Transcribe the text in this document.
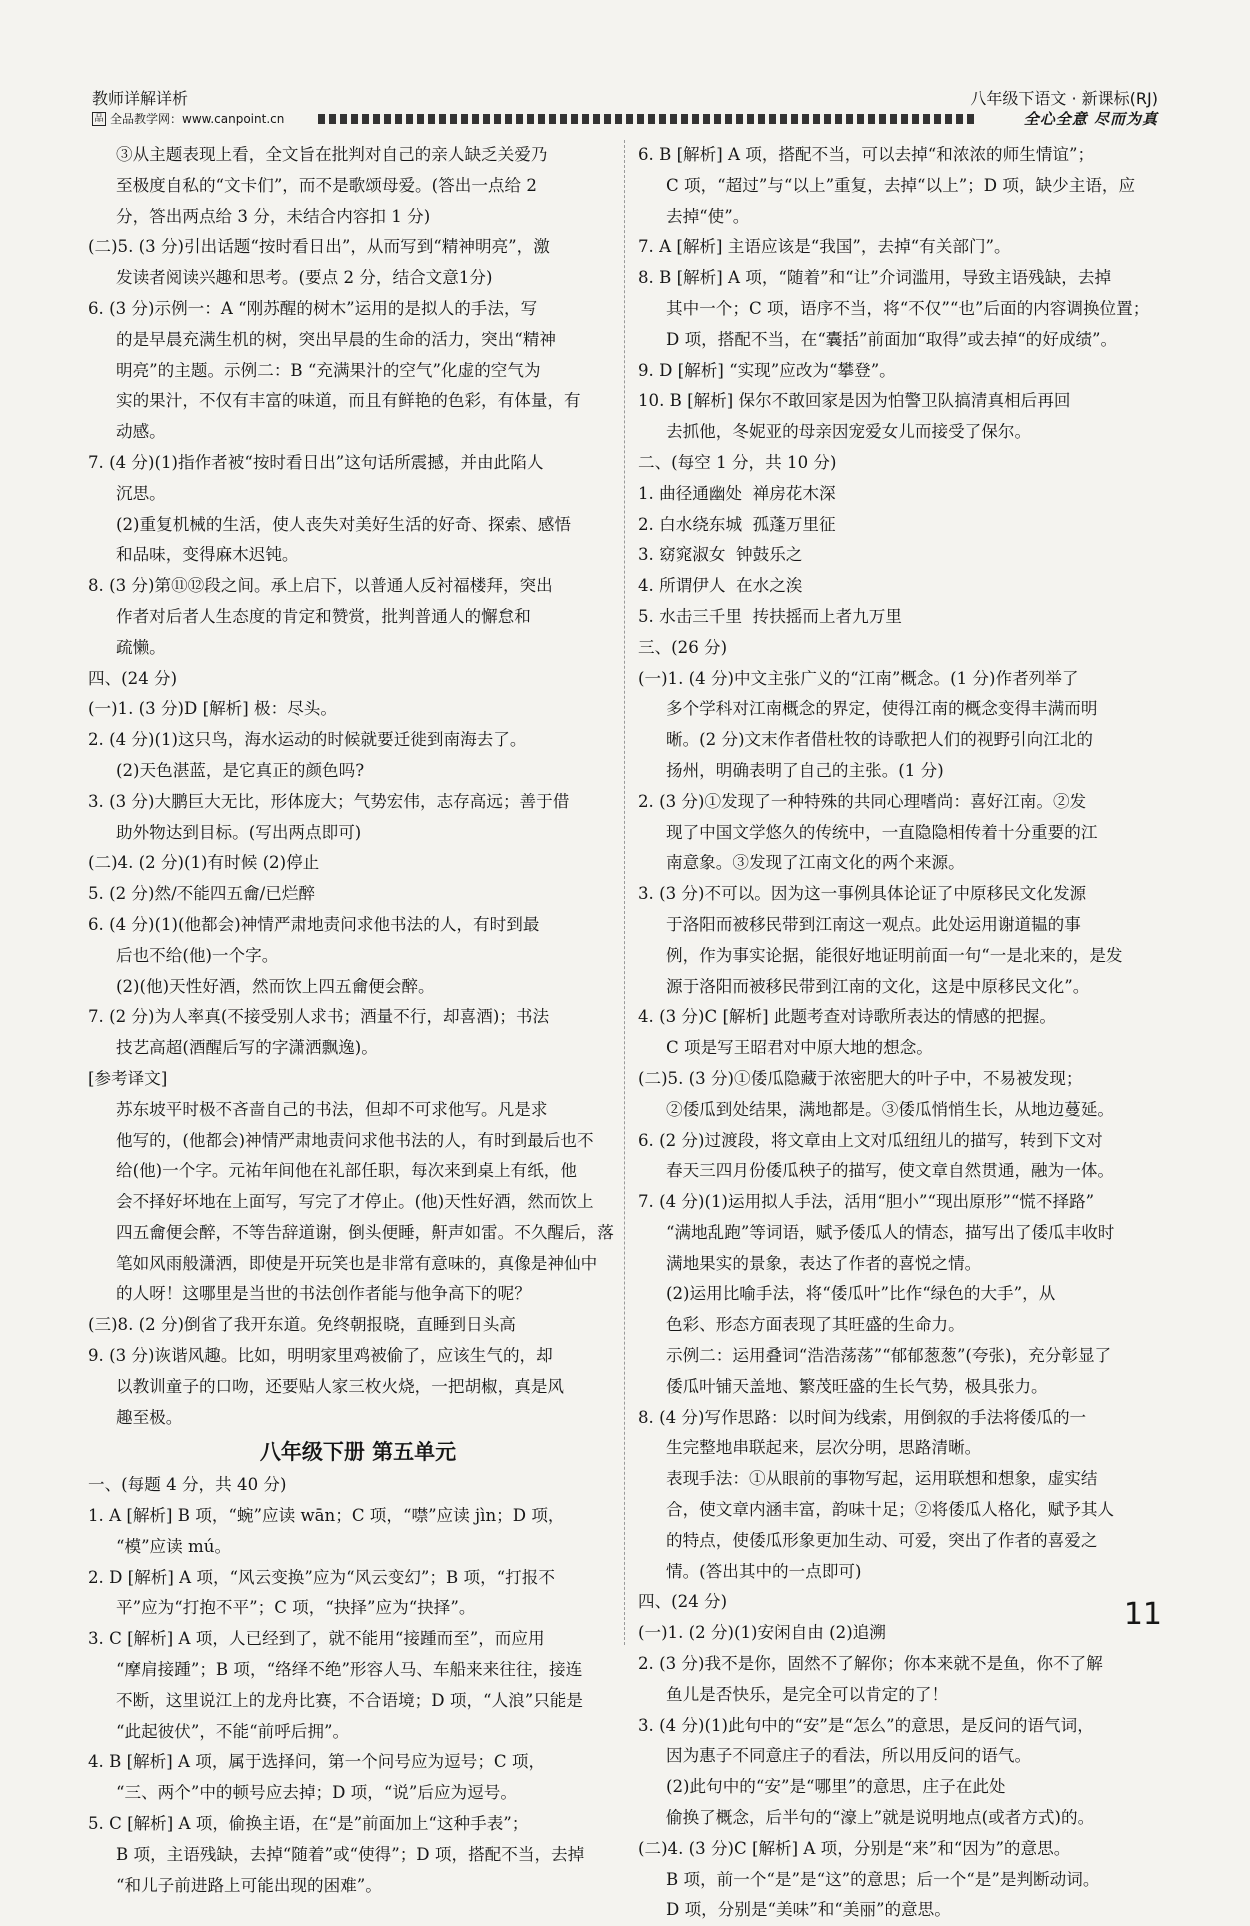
教师详解详析
品 全品教学网：www.canpoint.cn
八年级下语文 · 新课标(RJ)
全心全意 尽而为真
③从主题表现上看，全文旨在批判对自己的亲人缺乏关爱乃
至极度自私的“文卡们”，而不是歌颂母爱。(答出一点给 2
分，答出两点给 3 分，未结合内容扣 1 分)
(二)5. (3 分)引出话题“按时看日出”，从而写到“精神明亮”，激
发读者阅读兴趣和思考。(要点 2 分，结合文意1分)
6. (3 分)示例一：A “刚苏醒的树木”运用的是拟人的手法，写
的是早晨充满生机的树，突出早晨的生命的活力，突出“精神
明亮”的主题。示例二：B “充满果汁的空气”化虚的空气为
实的果汁，不仅有丰富的味道，而且有鲜艳的色彩，有体量，有
动感。
7. (4 分)(1)指作者被“按时看日出”这句话所震撼，并由此陷人
沉思。
(2)重复机械的生活，使人丧失对美好生活的好奇、探索、感悟
和品味，变得麻木迟钝。
8. (3 分)第⑪⑫段之间。承上启下，以普通人反衬福楼拜，突出
作者对后者人生态度的肯定和赞赏，批判普通人的懈怠和
疏懒。
四、(24 分)
(一)1. (3 分)D [解析] 极：尽头。
2. (4 分)(1)这只鸟，海水运动的时候就要迁徙到南海去了。
(2)天色湛蓝，是它真正的颜色吗?
3. (3 分)大鹏巨大无比，形体庞大；气势宏伟，志存高远；善于借
助外物达到目标。(写出两点即可)
(二)4. (2 分)(1)有时候 (2)停止
5. (2 分)然/不能四五龠/已烂醉
6. (4 分)(1)(他都会)神情严肃地责问求他书法的人，有时到最
后也不给(他)一个字。
(2)(他)天性好酒，然而饮上四五龠便会醉。
7. (2 分)为人率真(不接受别人求书；酒量不行，却喜酒)；书法
技艺高超(酒醒后写的字潇洒飘逸)。
[参考译文]
苏东坡平时极不吝啬自己的书法，但却不可求他写。凡是求
他写的，(他都会)神情严肃地责问求他书法的人，有时到最后也不
给(他)一个字。元祐年间他在礼部任职，每次来到桌上有纸，他
会不择好坏地在上面写，写完了才停止。(他)天性好酒，然而饮上
四五龠便会醉，不等告辞道谢，倒头便睡，鼾声如雷。不久醒后，落
笔如风雨般潇洒，即使是开玩笑也是非常有意味的，真像是神仙中
的人呀！这哪里是当世的书法创作者能与他争高下的呢？
(三)8. (2 分)倒省了我开东道。免终朝报晓，直睡到日头高
9. (3 分)诙谐风趣。比如，明明家里鸡被偷了，应该生气的，却
以教训童子的口吻，还要贴人家三枚火烧，一把胡椒，真是风
趣至极。
八年级下册 第五单元
一、(每题 4 分，共 40 分)
1. A [解析] B 项，“蜿”应读 wān；C 项，“噤”应读 jìn；D 项，
“模”应读 mú。
2. D [解析] A 项，“风云变换”应为“风云变幻”；B 项，“打报不
平”应为“打抱不平”；C 项，“抉择”应为“抉择”。
3. C [解析] A 项，人已经到了，就不能用“接踵而至”，而应用
“摩肩接踵”；B 项，“络绎不绝”形容人马、车船来来往往，接连
不断，这里说江上的龙舟比赛，不合语境；D 项，“人浪”只能是
“此起彼伏”，不能“前呼后拥”。
4. B [解析] A 项，属于选择问，第一个问号应为逗号；C 项，
“三、两个”中的顿号应去掉；D 项，“说”后应为逗号。
5. C [解析] A 项，偷换主语，在“是”前面加上“这种手表”；
B 项，主语残缺，去掉“随着”或“使得”；D 项，搭配不当，去掉
“和儿子前进路上可能出现的困难”。
6. B [解析] A 项，搭配不当，可以去掉“和浓浓的师生情谊”；
C 项，“超过”与“以上”重复，去掉“以上”；D 项，缺少主语，应
去掉“使”。
7. A [解析] 主语应该是“我国”，去掉“有关部门”。
8. B [解析] A 项，“随着”和“让”介词滥用，导致主语残缺，去掉
其中一个；C 项，语序不当，将“不仅”“也”后面的内容调换位置；
D 项，搭配不当，在“囊括”前面加“取得”或去掉“的好成绩”。
9. D [解析] “实现”应改为“攀登”。
10. B [解析] 保尔不敢回家是因为怕警卫队搞清真相后再回
去抓他，冬妮亚的母亲因宠爱女儿而接受了保尔。
二、(每空 1 分，共 10 分)
1. 曲径通幽处  禅房花木深
2. 白水绕东城  孤蓬万里征
3. 窈窕淑女  钟鼓乐之
4. 所谓伊人  在水之涘
5. 水击三千里  抟扶摇而上者九万里
三、(26 分)
(一)1. (4 分)中文主张广义的“江南”概念。(1 分)作者列举了
多个学科对江南概念的界定，使得江南的概念变得丰满而明
晰。(2 分)文末作者借杜牧的诗歌把人们的视野引向江北的
扬州，明确表明了自己的主张。(1 分)
2. (3 分)①发现了一种特殊的共同心理嗜尚：喜好江南。②发
现了中国文学悠久的传统中，一直隐隐相传着十分重要的江
南意象。③发现了江南文化的两个来源。
3. (3 分)不可以。因为这一事例具体论证了中原移民文化发源
于洛阳而被移民带到江南这一观点。此处运用谢道韫的事
例，作为事实论据，能很好地证明前面一句“一是北来的，是发
源于洛阳而被移民带到江南的文化，这是中原移民文化”。
4. (3 分)C [解析] 此题考查对诗歌所表达的情感的把握。
C 项是写王昭君对中原大地的想念。
(二)5. (3 分)①倭瓜隐藏于浓密肥大的叶子中，不易被发现；
②倭瓜到处结果，满地都是。③倭瓜悄悄生长，从地边蔓延。
6. (2 分)过渡段，将文章由上文对瓜纽纽儿的描写，转到下文对
春天三四月份倭瓜秧子的描写，使文章自然贯通，融为一体。
7. (4 分)(1)运用拟人手法，活用“胆小”“现出原形”“慌不择路”
“满地乱跑”等词语，赋予倭瓜人的情态，描写出了倭瓜丰收时
满地果实的景象，表达了作者的喜悦之情。
(2)运用比喻手法，将“倭瓜叶”比作“绿色的大手”，从
色彩、形态方面表现了其旺盛的生命力。
示例二：运用叠词“浩浩荡荡”“郁郁葱葱”(夸张)，充分彰显了
倭瓜叶铺天盖地、繁茂旺盛的生长气势，极具张力。
8. (4 分)写作思路：以时间为线索，用倒叙的手法将倭瓜的一
生完整地串联起来，层次分明，思路清晰。
表现手法：①从眼前的事物写起，运用联想和想象，虚实结
合，使文章内涵丰富，韵味十足；②将倭瓜人格化，赋予其人
的特点，使倭瓜形象更加生动、可爱，突出了作者的喜爱之
情。(答出其中的一点即可)
四、(24 分)
(一)1. (2 分)(1)安闲自由 (2)追溯
2. (3 分)我不是你，固然不了解你；你本来就不是鱼，你不了解
鱼儿是否快乐，是完全可以肯定的了！
3. (4 分)(1)此句中的“安”是“怎么”的意思，是反问的语气词，
因为惠子不同意庄子的看法，所以用反问的语气。
(2)此句中的“安”是“哪里”的意思，庄子在此处
偷换了概念，后半句的“濠上”就是说明地点(或者方式)的。
(二)4. (3 分)C [解析] A 项，分别是“来”和“因为”的意思。
B 项，前一个“是”是“这”的意思；后一个“是”是判断动词。
D 项，分别是“美味”和“美丽”的意思。
11
